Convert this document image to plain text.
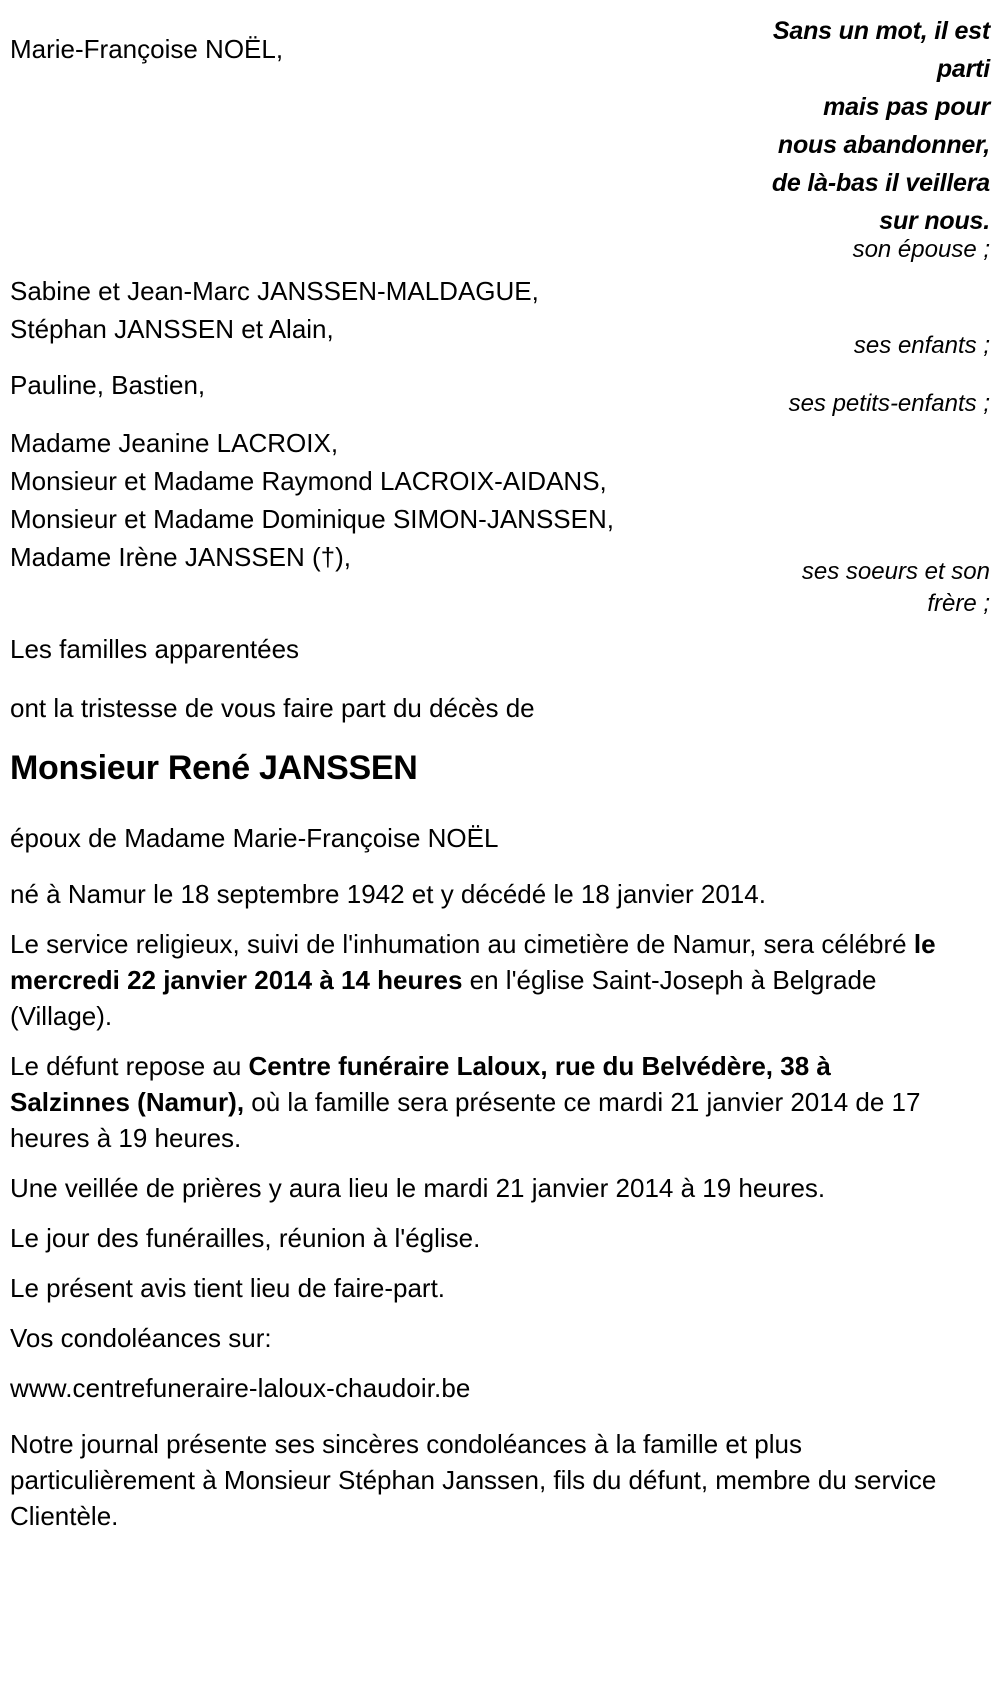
Sans un mot, il est
parti
mais pas pour
nous abandonner,
de là-bas il veillera
sur nous.
son épouse ;
ses enfants ;
ses petits-enfants ;
ses soeurs et son
frère ;
Marie-Françoise NOËL,
Sabine et Jean-Marc JANSSEN-MALDAGUE,
Stéphan JANSSEN et Alain,
Pauline, Bastien,
Madame Jeanine LACROIX,
Monsieur et Madame Raymond LACROIX-AIDANS,
Monsieur et Madame Dominique SIMON-JANSSEN,
Madame Irène JANSSEN (†),
Les familles apparentées

ont la tristesse de vous faire part du décès de

Monsieur René JANSSEN

époux de Madame Marie-Françoise NOËL

né à Namur le 18 septembre 1942 et y décédé le 18 janvier 2014.

Le service religieux, suivi de l'inhumation au cimetière de Namur, sera célébré le mercredi 22 janvier 2014 à 14 heures en l'église Saint-Joseph à Belgrade (Village).

Le défunt repose au Centre funéraire Laloux, rue du Belvédère, 38 à Salzinnes (Namur), où la famille sera présente ce mardi 21 janvier 2014 de 17 heures à 19 heures.

Une veillée de prières y aura lieu le mardi 21 janvier 2014 à 19 heures.

Le jour des funérailles, réunion à l'église.

Le présent avis tient lieu de faire-part.

Vos condoléances sur:

www.centrefuneraire-laloux-chaudoir.be

Notre journal présente ses sincères condoléances à la famille et plus particulièrement à Monsieur Stéphan Janssen, fils du défunt, membre du service Clientèle.
